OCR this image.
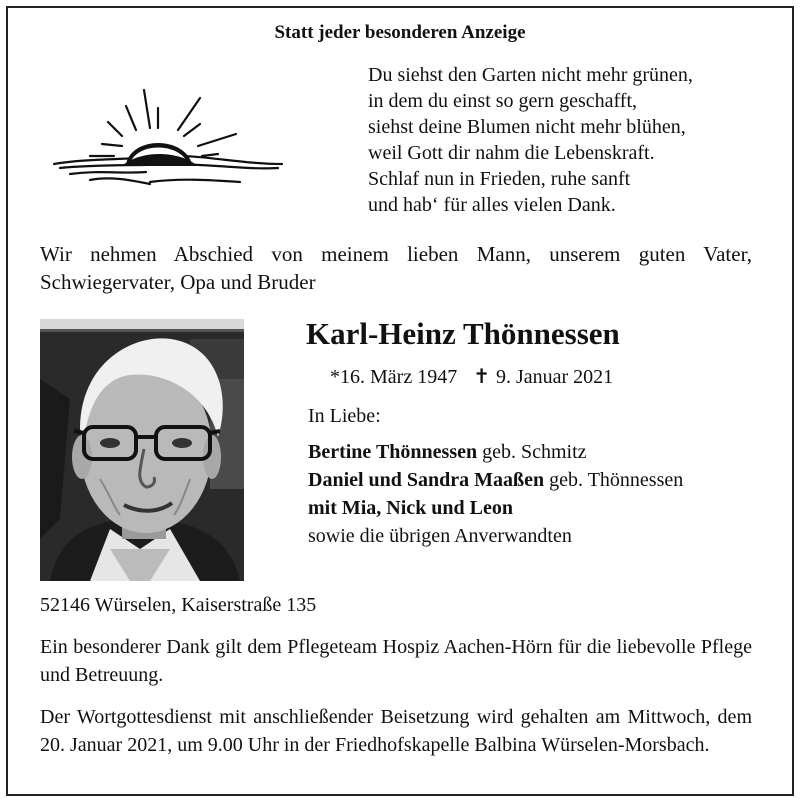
Statt jeder besonderen Anzeige
Du siehst den Garten nicht mehr grünen,
in dem du einst so gern geschafft,
siehst deine Blumen nicht mehr blühen,
weil Gott dir nahm die Lebenskraft.
Schlaf nun in Frieden, ruhe sanft
und hab‘ für alles vielen Dank.
Wir nehmen Abschied von meinem lieben Mann, unserem guten Vater, Schwiegervater, Opa und Bruder
Karl-Heinz Thönnessen
*16. März 1947 ✝ 9. Januar 2021
In Liebe:
Bertine Thönnessen geb. Schmitz
Daniel und Sandra Maaßen geb. Thönnessen
mit Mia, Nick und Leon
sowie die übrigen Anverwandten
52146 Würselen, Kaiserstraße 135
Ein besonderer Dank gilt dem Pflegeteam Hospiz Aachen-Hörn für die liebevolle Pflege und Betreuung.
Der Wortgottesdienst mit anschließender Beisetzung wird gehalten am Mittwoch, dem 20. Januar 2021, um 9.00 Uhr in der Friedhofskapelle Balbina Würselen-Morsbach.
